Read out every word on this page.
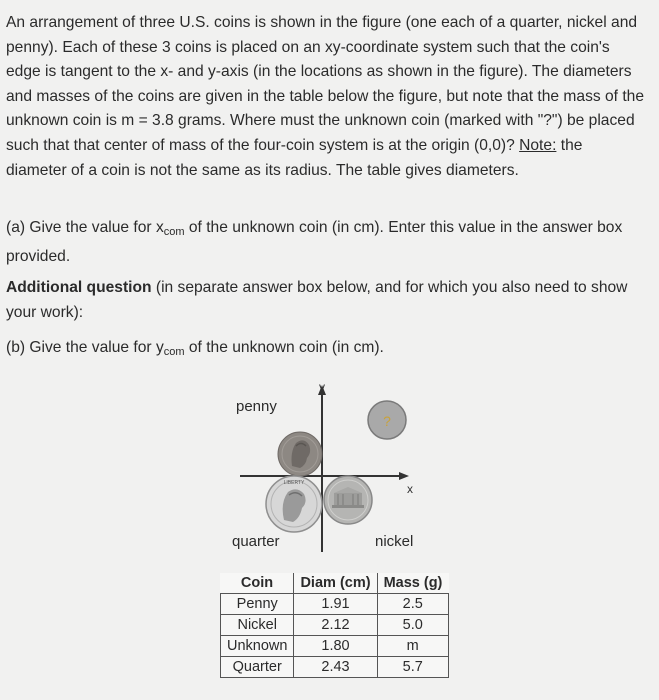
An arrangement of three U.S. coins is shown in the figure (one each of a quarter, nickel and penny). Each of these 3 coins is placed on an xy-coordinate system such that the coin's edge is tangent to the x- and y-axis (in the locations as shown in the figure). The diameters and masses of the coins are given in the table below the figure, but note that the mass of the unknown coin is m = 3.8 grams. Where must the unknown coin (marked with "?") be placed such that that center of mass of the four-coin system is at the origin (0,0)? Note: the diameter of a coin is not the same as its radius. The table gives diameters.

(a) Give the value for $x_{com}$ of the unknown coin (in cm). Enter this value in the answer box provided.

Additional question (in separate answer box below, and for which you also need to show your work):

(b) Give the value for $y_{com}$ of the unknown coin (in cm).

y
x
LIBERTY
?
penny
quarter	nickel
Coin	Diam (cm)	Mass (g)
Penny	1.91	2.5
Nickel	2.12	5.0
Unknown	1.80	m
Quarter	2.43	5.7
